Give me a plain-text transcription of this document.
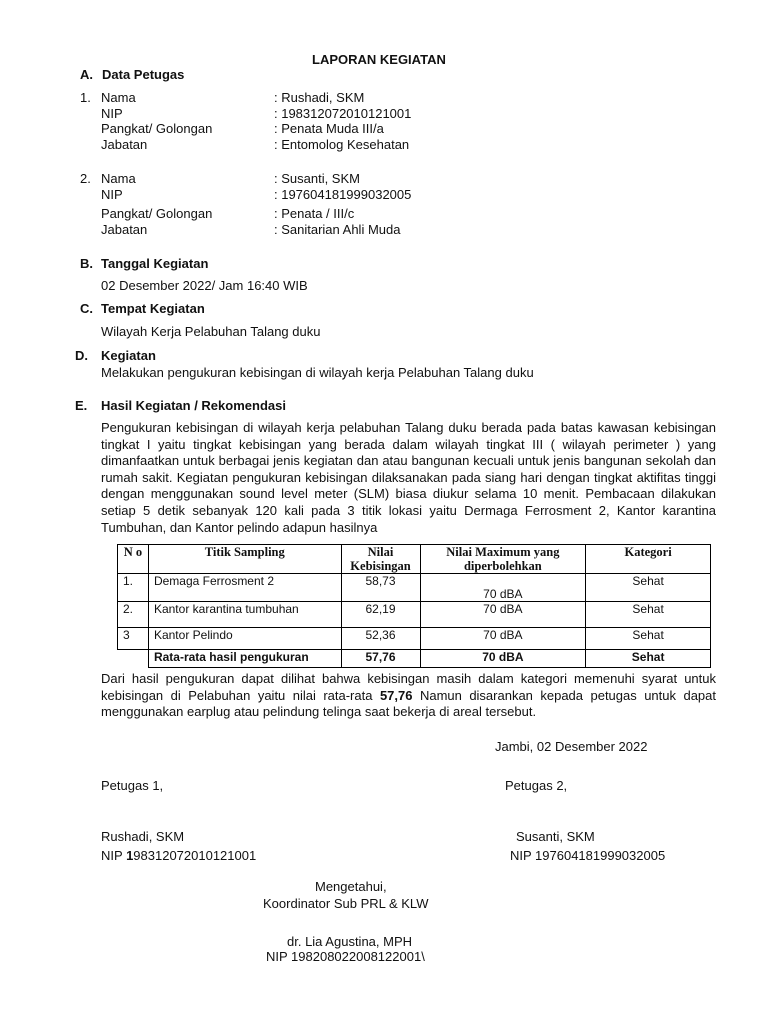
LAPORAN KEGIATAN
A. Data Petugas
1. Nama	: Rushadi, SKM
NIP	: 198312072010121001
Pangkat/ Golongan	: Penata Muda III/a
Jabatan	: Entomolog Kesehatan
2. Nama	: Susanti, SKM
NIP	: 197604181999032005
Pangkat/ Golongan	: Penata / III/c
Jabatan	: Sanitarian Ahli Muda
B. Tanggal Kegiatan
02 Desember 2022/ Jam 16:40 WIB
C. Tempat Kegiatan
Wilayah Kerja Pelabuhan Talang duku
D. Kegiatan
Melakukan pengukuran kebisingan di wilayah kerja Pelabuhan Talang duku
E. Hasil Kegiatan / Rekomendasi
Pengukuran kebisingan di wilayah kerja pelabuhan Talang duku berada pada batas kawasan kebisingan tingkat I yaitu tingkat kebisingan yang berada dalam wilayah tingkat III ( wilayah perimeter ) yang dimanfaatkan untuk berbagai jenis kegiatan dan atau bangunan kecuali untuk jenis bangunan sekolah dan rumah sakit. Kegiatan pengukuran kebisingan dilaksanakan pada siang hari dengan tingkat aktifitas tinggi dengan menggunakan sound level meter (SLM) biasa diukur selama 10 menit. Pembacaan dilakukan setiap 5 detik sebanyak 120 kali pada 3 titik lokasi yaitu Dermaga Ferrosment 2, Kantor karantina Tumbuhan, dan Kantor pelindo adapun hasilnya
N o	Titik Sampling	Nilai Kebisingan	Nilai Maximum yang diperbolehkan	Kategori
1.	Demaga Ferrosment 2	58,73	70 dBA	Sehat
2.	Kantor karantina tumbuhan	62,19	70 dBA	Sehat
3	Kantor Pelindo	52,36	70 dBA	Sehat
	Rata-rata hasil pengukuran	57,76	70 dBA	Sehat
Dari hasil pengukuran dapat dilihat bahwa kebisingan masih dalam kategori memenuhi syarat untuk kebisingan di Pelabuhan yaitu nilai rata-rata 57,76 Namun disarankan kepada petugas untuk dapat menggunakan earplug atau pelindung telinga saat bekerja di areal tersebut.
Jambi, 02 Desember 2022
Petugas 1,	Petugas 2,
Rushadi, SKM	Susanti, SKM
NIP 198312072010121001	NIP 197604181999032005
Mengetahui,
Koordinator Sub PRL & KLW
dr. Lia Agustina, MPH
NIP 198208022008122001\
